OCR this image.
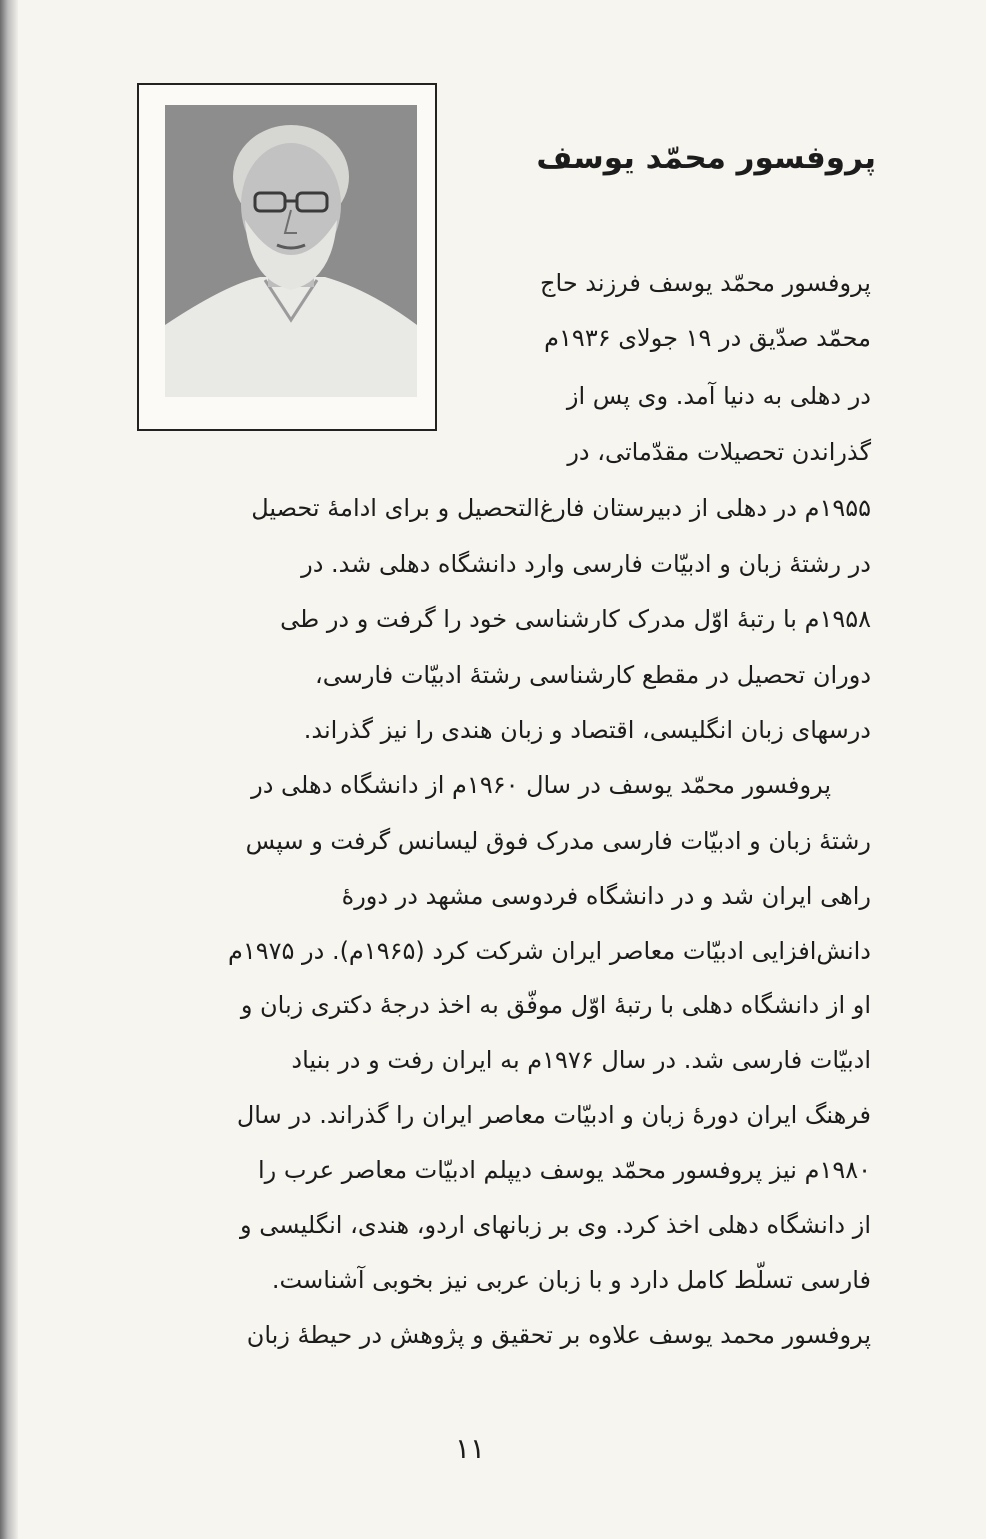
پروفسور محمّد یوسف
پروفسور محمّد یوسف فرزند حاج
محمّد صدّیق در ۱۹ جولای ۱۹۳۶م
در دهلی به دنیا آمد. وی پس از
گذراندن تحصیلات مقدّماتی، در
۱۹۵۵م در دهلی از دبیرستان فارغ‌التحصیل و برای ادامهٔ تحصیل
در رشتهٔ زبان و ادبیّات فارسی وارد دانشگاه دهلی شد. در
۱۹۵۸م با رتبهٔ اوّل مدرک کارشناسی خود را گرفت و در طی
دوران تحصیل در مقطع کارشناسی رشتهٔ ادبیّات فارسی،
درسهای زبان انگلیسی، اقتصاد و زبان هندی را نیز گذراند.
پروفسور محمّد یوسف در سال ۱۹۶۰م از دانشگاه دهلی در
رشتهٔ زبان و ادبیّات فارسی مدرک فوق لیسانس گرفت و سپس
راهی ایران شد و در دانشگاه فردوسی مشهد در دورهٔ
دانش‌افزایی ادبیّات معاصر ایران شرکت کرد (۱۹۶۵م). در ۱۹۷۵م
او از دانشگاه دهلی با رتبهٔ اوّل موفّق به اخذ درجهٔ دکتری زبان و
ادبیّات فارسی شد. در سال ۱۹۷۶م به ایران رفت و در بنیاد
فرهنگ ایران دورهٔ زبان و ادبیّات معاصر ایران را گذراند. در سال
۱۹۸۰م نیز پروفسور محمّد یوسف دیپلم ادبیّات معاصر عرب را
از دانشگاه دهلی اخذ کرد. وی بر زبانهای اردو، هندی، انگلیسی و
فارسی تسلّط کامل دارد و با زبان عربی نیز بخوبی آشناست.
پروفسور محمد یوسف علاوه بر تحقیق و پژوهش در حیطهٔ زبان
۱۱
